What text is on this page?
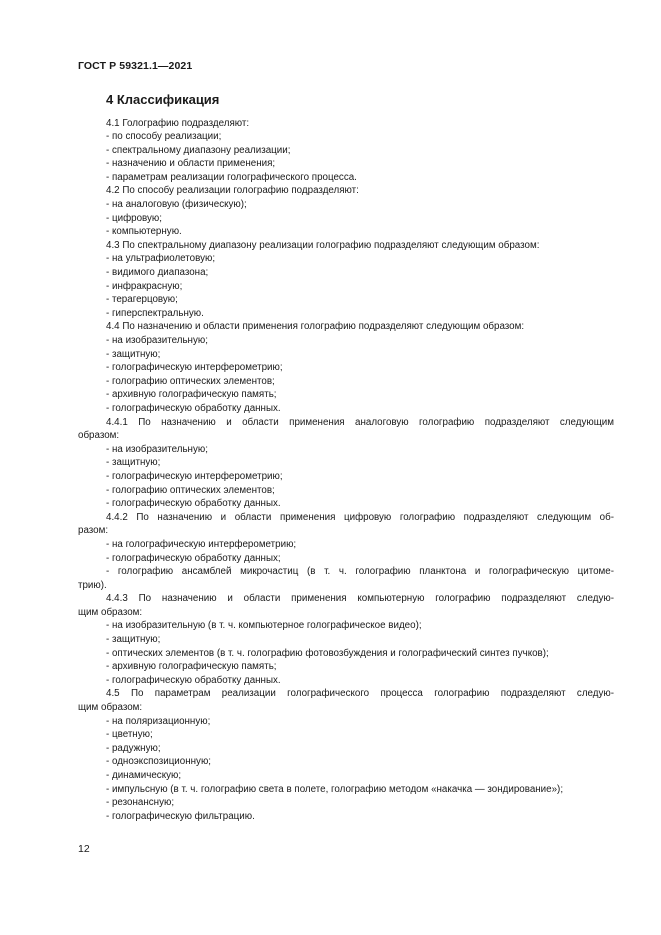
ГОСТ Р 59321.1—2021
4 Классификация
4.1 Голографию подразделяют:
- по способу реализации;
- спектральному диапазону реализации;
- назначению и области применения;
- параметрам реализации голографического процесса.
4.2 По способу реализации голографию подразделяют:
- на аналоговую (физическую);
- цифровую;
- компьютерную.
4.3 По спектральному диапазону реализации голографию подразделяют следующим образом:
- на ультрафиолетовую;
- видимого диапазона;
- инфракрасную;
- терагерцовую;
- гиперспектральную.
4.4 По назначению и области применения голографию подразделяют следующим образом:
- на изобразительную;
- защитную;
- голографическую интерферометрию;
- голографию оптических элементов;
- архивную голографическую память;
- голографическую обработку данных.
4.4.1 По назначению и области применения аналоговую голографию подразделяют следующим
образом:
- на изобразительную;
- защитную;
- голографическую интерферометрию;
- голографию оптических элементов;
- голографическую обработку данных.
4.4.2 По назначению и области применения цифровую голографию подразделяют следующим об-
разом:
- на голографическую интерферометрию;
- голографическую обработку данных;
- голографию ансамблей микрочастиц (в т. ч. голографию планктона и голографическую цитоме-
трию).
4.4.3 По назначению и области применения компьютерную голографию подразделяют следую-
щим образом:
- на изобразительную (в т. ч. компьютерное голографическое видео);
- защитную;
- оптических элементов (в т. ч. голографию фотовозбуждения и голографический синтез пучков);
- архивную голографическую память;
- голографическую обработку данных.
4.5 По параметрам реализации голографического процесса голографию подразделяют следую-
щим образом:
- на поляризационную;
- цветную;
- радужную;
- одноэкспозиционную;
- динамическую;
- импульсную (в т. ч. голографию света в полете, голографию методом «накачка — зондирование»);
- резонансную;
- голографическую фильтрацию.
12
